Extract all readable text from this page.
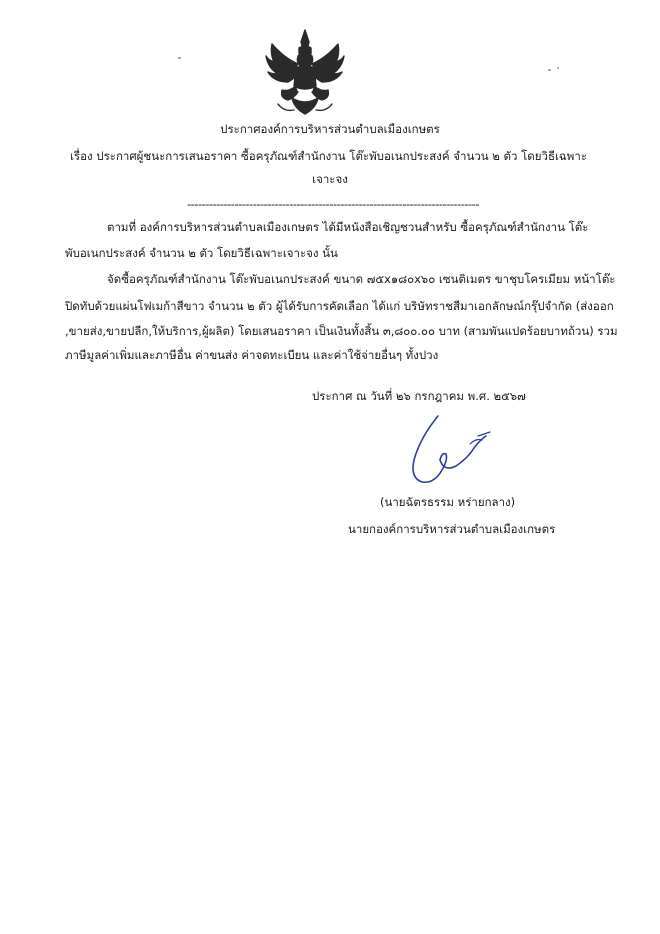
ประกาศองค์การบริหารส่วนตำบลเมืองเกษตร
เรื่อง ประกาศผู้ชนะการเสนอราคา ซื้อครุภัณฑ์สำนักงาน โต๊ะพับอเนกประสงค์ จำนวน ๒ ตัว โดยวิธีเฉพาะ
เจาะจง
--------------------------------------------------------------------------------
ตามที่ องค์การบริหารส่วนตำบลเมืองเกษตร ได้มีหนังสือเชิญชวนสำหรับ ซื้อครุภัณฑ์สำนักงาน โต๊ะ
พับอเนกประสงค์ จำนวน ๒ ตัว โดยวิธีเฉพาะเจาะจง นั้น
จัดซื้อครุภัณฑ์สำนักงาน โต๊ะพับอเนกประสงค์ ขนาด ๗๕x๑๘๐x๖๐ เซนติเมตร ขาชุบโครเมียม หน้าโต๊ะ
ปิดทับด้วยแผ่นโฟเมก้าสีขาว จำนวน ๒ ตัว ผู้ได้รับการคัดเลือก ได้แก่ บริษัทราชสีมาเอกลักษณ์กรุ๊ปจำกัด (ส่งออก
,ขายส่ง,ขายปลีก,ให้บริการ,ผู้ผลิต) โดยเสนอราคา เป็นเงินทั้งสิ้น ๓,๘๐๐.๐๐ บาท (สามพันแปดร้อยบาทถ้วน) รวม
ภาษีมูลค่าเพิ่มและภาษีอื่น ค่าขนส่ง ค่าจดทะเบียน และค่าใช้จ่ายอื่นๆ ทั้งปวง
ประกาศ ณ วันที่ ๒๖ กรกฎาคม พ.ศ. ๒๕๖๗
(นายฉัตรธรรม หร่ายกลาง)
นายกองค์การบริหารส่วนตำบลเมืองเกษตร
